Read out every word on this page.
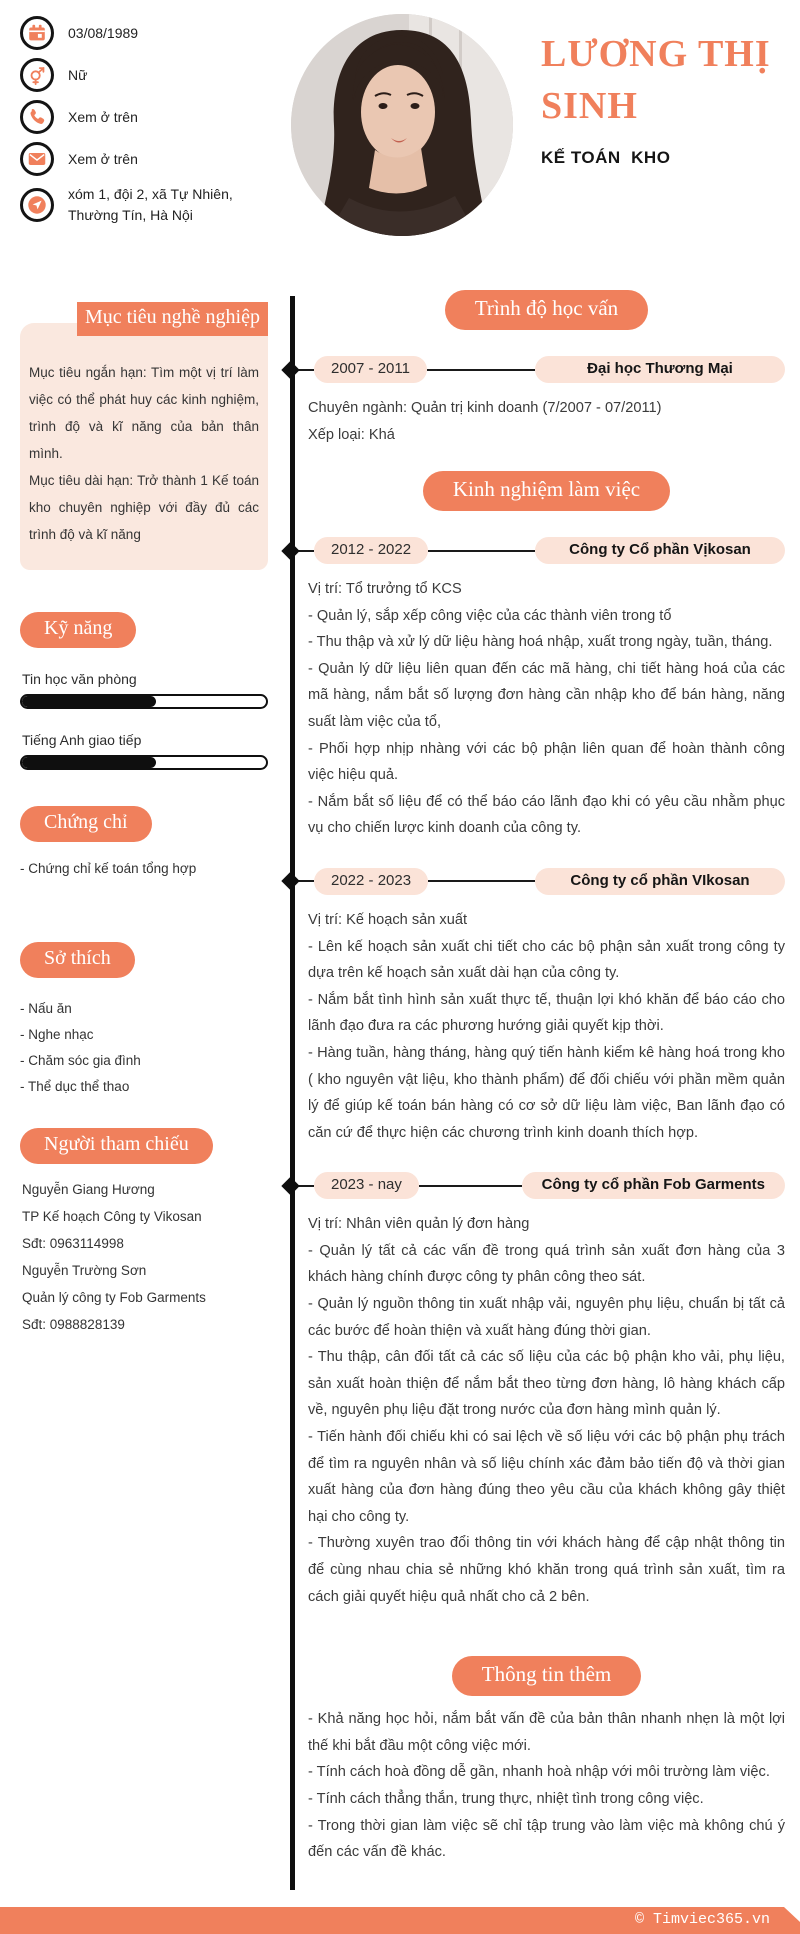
03/08/1989
Nữ
Xem ở trên
Xem ở trên
xóm 1, đội 2, xã Tự Nhiên, Thường Tín, Hà Nội
LƯƠNG THỊ SINH
KẾ TOÁN  KHO
Mục tiêu nghề nghiệp

Mục tiêu ngắn hạn: Tìm một vị trí làm việc có thể phát huy các kinh nghiệm, trình độ và kĩ năng của bản thân mình.

Mục tiêu dài hạn: Trở thành 1 Kế toán kho chuyên nghiệp với đầy đủ các trình độ và kĩ năng

Kỹ năng
Tin học văn phòng
Tiếng Anh giao tiếp
Chứng chỉ
- Chứng chỉ kế toán tổng hợp
Sở thích
- Nấu ăn
- Nghe nhạc
- Chăm sóc gia đình
- Thể dục thể thao
Người tham chiếu
Nguyễn Giang Hương
TP Kế hoạch Công ty Vikosan
Sđt: 0963114998
Nguyễn Trường Sơn
Quản lý công ty Fob Garments
Sđt: 0988828139
Trình độ học vấn
2007 - 2011	Đại học Thương Mại

Chuyên ngành: Quản trị kinh doanh (7/2007 - 07/2011)

Xếp loại: Khá

Kinh nghiệm làm việc
2012 - 2022	Công ty Cổ phần Vịkosan

Vị trí: Tổ trưởng tổ KCS

- Quản lý, sắp xếp công việc của các thành viên trong tổ

- Thu thập và xử lý dữ liệu hàng hoá nhập, xuất trong ngày, tuần, tháng.

- Quản lý dữ liệu liên quan đến các mã hàng, chi tiết hàng hoá của các mã hàng, nắm bắt số lượng đơn hàng cần nhập kho để bán hàng, năng suất làm việc của tổ,

- Phối hợp nhịp nhàng với các bộ phận liên quan để hoàn thành công việc hiệu quả.

- Nắm bắt số liệu để có thể báo cáo lãnh đạo khi có yêu cầu nhằm phục vụ cho chiến lược kinh doanh của công ty.

2022 - 2023	Công ty cổ phần VIkosan

Vị trí: Kế hoạch sản xuất

- Lên kế hoạch sản xuất chi tiết cho các bộ phận sản xuất trong công ty dựa trên kế hoạch sản xuất dài hạn của công ty.

- Nắm bắt tình hình sản xuất thực tế, thuận lợi khó khăn để báo cáo cho lãnh đạo đưa ra các phương hướng giải quyết kịp thời.

- Hàng tuần, hàng tháng, hàng quý tiến hành kiểm kê hàng hoá trong kho ( kho nguyên vật liệu, kho thành phẩm) để đối chiếu với phần mềm quản lý để giúp kế toán bán hàng có cơ sở dữ liệu làm việc, Ban lãnh đạo có căn cứ để thực hiện các chương trình kinh doanh thích hợp.

2023 - nay	Công ty cổ phần Fob Garments

Vị trí: Nhân viên quản lý đơn hàng

- Quản lý tất cả các vấn đề trong quá trình sản xuất đơn hàng của 3 khách hàng chính được công ty phân công theo sát.

- Quản lý nguồn thông tin xuất nhập vải, nguyên phụ liệu, chuẩn bị tất cả các bước để hoàn thiện và xuất hàng đúng thời gian.

- Thu thập, cân đối tất cả các số liệu của các bộ phận kho vải, phụ liệu, sản xuất hoàn thiện để nắm bắt theo từng đơn hàng, lô hàng khách cấp về, nguyên phụ liệu đặt trong nước của đơn hàng mình quản lý.

- Tiến hành đối chiếu khi có sai lệch về số liệu với các bộ phận phụ trách để tìm ra nguyên nhân và số liệu chính xác đảm bảo tiến độ và thời gian xuất hàng của đơn hàng đúng theo yêu cầu của khách không gây thiệt hại cho công ty.

- Thường xuyên trao đổi thông tin với khách hàng để cập nhật thông tin để cùng nhau chia sẻ những khó khăn trong quá trình sản xuất, tìm ra cách giải quyết hiệu quả nhất cho cả 2 bên.

Thông tin thêm

- Khả năng học hỏi, nắm bắt vấn đề của bản thân nhanh nhẹn là một lợi thế khi bắt đầu một công việc mới.

- Tính cách hoà đồng dễ gần, nhanh hoà nhập với môi trường làm việc.

- Tính cách thẳng thắn, trung thực, nhiệt tình trong công việc.

- Trong thời gian làm việc sẽ chỉ tập trung vào làm việc mà không chú ý đến các vấn đề khác.

© Timviec365.vn
